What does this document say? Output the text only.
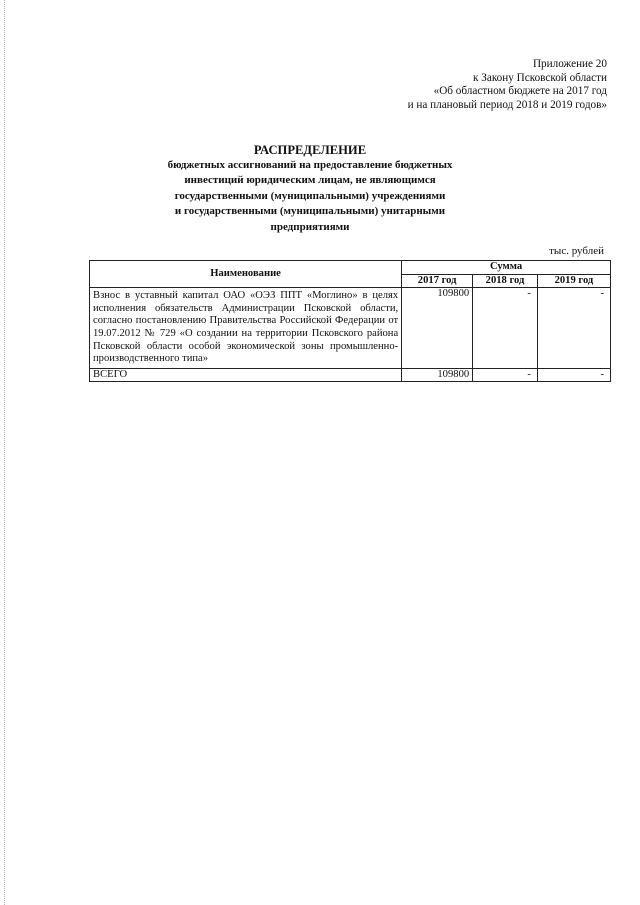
Приложение 20
к Закону Псковской области
«Об областном бюджете на 2017 год
и на плановый период 2018 и 2019 годов»
РАСПРЕДЕЛЕНИЕ
бюджетных ассигнований на предоставление бюджетных
инвестиций юридическим лицам, не являющимся
государственными (муниципальными) учреждениями
и государственными (муниципальными) унитарными
предприятиями
тыс. рублей
Наименование	Сумма		
	2017 год	2018 год	2019 год
Взнос в уставный капитал ОАО «ОЭЗ ППТ «Моглино» в целях исполнения обязательств Администрации Псковской области, согласно постановлению Правительства Российской Федерации от 19.07.2012 № 729 «О создании на территории Псковского района Псковской области особой экономической зоны промышленно-производственного типа»	109800	-	-
ВСЕГО	109800	-	-
